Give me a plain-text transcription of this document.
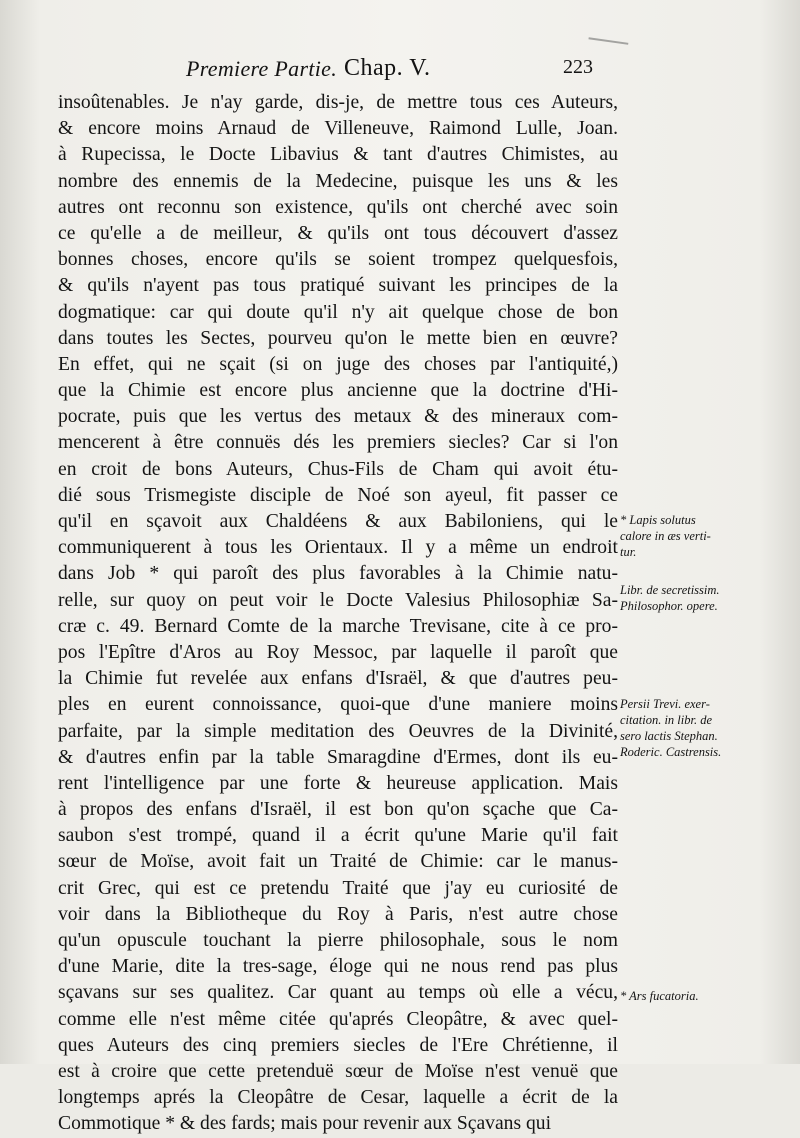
Premiere Partie. Chap. V.	223
insoûtenables. Je n'ay garde, dis-je, de mettre tous ces Auteurs,
& encore moins Arnaud de Villeneuve, Raimond Lulle, Joan.
à Rupecissa, le Docte Libavius & tant d'autres Chimistes, au
nombre des ennemis de la Medecine, puisque les uns & les
autres ont reconnu son existence, qu'ils ont cherché avec soin
ce qu'elle a de meilleur, & qu'ils ont tous découvert d'assez
bonnes choses, encore qu'ils se soient trompez quelquesfois,
& qu'ils n'ayent pas tous pratiqué suivant les principes de la
dogmatique: car qui doute qu'il n'y ait quelque chose de bon
dans toutes les Sectes, pourveu qu'on le mette bien en œuvre?
En effet, qui ne sçait (si on juge des choses par l'antiquité,)
que la Chimie est encore plus ancienne que la doctrine d'Hi-
pocrate, puis que les vertus des metaux & des mineraux com-
mencerent à être connuës dés les premiers siecles? Car si l'on
en croit de bons Auteurs, Chus-Fils de Cham qui avoit étu-
dié sous Trismegiste disciple de Noé son ayeul, fit passer ce
qu'il en sçavoit aux Chaldéens & aux Babiloniens, qui le
communiquerent à tous les Orientaux. Il y a même un endroit
dans Job * qui paroît des plus favorables à la Chimie natu-
relle, sur quoy on peut voir le Docte Valesius Philosophiæ Sa-
cræ c. 49. Bernard Comte de la marche Trevisane, cite à ce pro-
pos l'Epître d'Aros au Roy Messoc, par laquelle il paroît que
la Chimie fut revelée aux enfans d'Israël, & que d'autres peu-
ples en eurent connoissance, quoi-que d'une maniere moins
parfaite, par la simple meditation des Oeuvres de la Divinité,
& d'autres enfin par la table Smaragdine d'Ermes, dont ils eu-
rent l'intelligence par une forte & heureuse application. Mais
à propos des enfans d'Israël, il est bon qu'on sçache que Ca-
saubon s'est trompé, quand il a écrit qu'une Marie qu'il fait
sœur de Moïse, avoit fait un Traité de Chimie: car le manus-
crit Grec, qui est ce pretendu Traité que j'ay eu curiosité de
voir dans la Bibliotheque du Roy à Paris, n'est autre chose
qu'un opuscule touchant la pierre philosophale, sous le nom
d'une Marie, dite la tres-sage, éloge qui ne nous rend pas plus
sçavans sur ses qualitez. Car quant au temps où elle a vécu,
comme elle n'est même citée qu'aprés Cleopâtre, & avec quel-
ques Auteurs des cinq premiers siecles de l'Ere Chrétienne, il
est à croire que cette pretenduë sœur de Moïse n'est venuë que
longtemps aprés la Cleopâtre de Cesar, laquelle a écrit de la
Commotique * & des fards; mais pour revenir aux Sçavans qui
* Lapis solutus
calore in æs verti-
tur.
Libr. de secretissim.
Philosophor. opere.
Persii Trevi. exer-
citation. in libr. de
sero lactis Stephan.
Roderic. Castrensis.
* Ars fucatoria.
